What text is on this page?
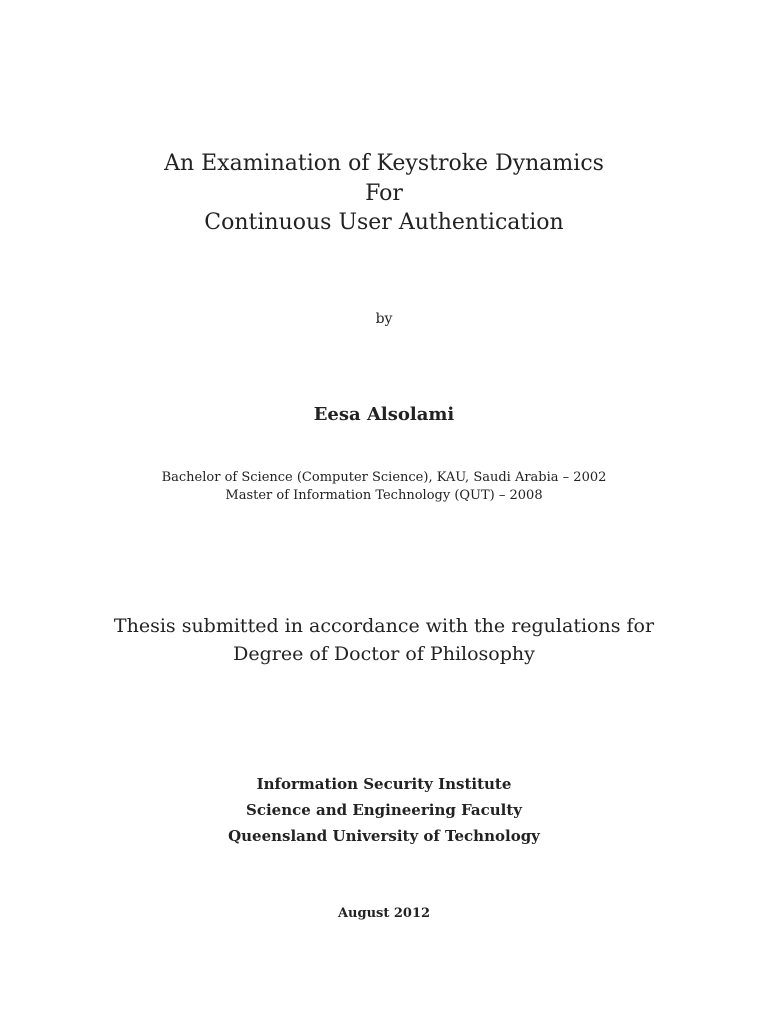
An Examination of Keystroke Dynamics
For
Continuous User Authentication
by
Eesa Alsolami
Bachelor of Science (Computer Science), KAU, Saudi Arabia – 2002
Master of Information Technology (QUT) – 2008
Thesis submitted in accordance with the regulations for
Degree of Doctor of Philosophy
Information Security Institute
Science and Engineering Faculty
Queensland University of Technology
August 2012
